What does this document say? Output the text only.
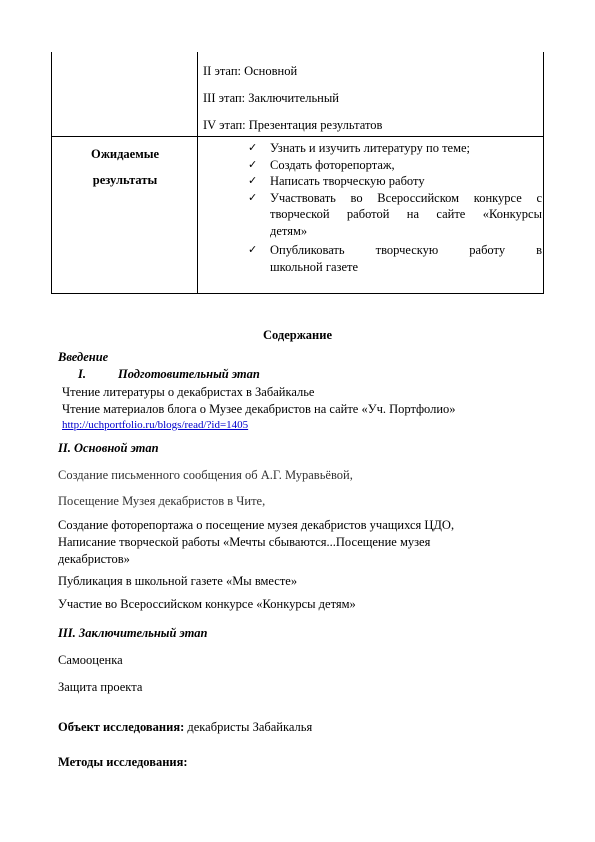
II этап: Основной
III этап: Заключительный
IV этап: Презентация результатов
Ожидаемые
результаты
✓ Узнать и изучить литературу по теме;
✓ Создать фоторепортаж,
✓ Написать творческую работу
✓ Участвовать во Всероссийском конкурсе с
творческой работой на сайте «Конкурсы
детям»
✓ Опубликовать творческую работу в
школьной газете
Содержание
Введение
I.	Подготовительный этап
Чтение литературы о декабристах в Забайкалье
Чтение материалов блога о Музее декабристов на сайте «Уч. Портфолио»
http://uchportfolio.ru/blogs/read/?id=1405
II. Основной этап
Создание письменного сообщения об А.Г. Муравьёвой,
Посещение Музея декабристов в Чите,
Создание фоторепортажа о посещение музея декабристов учащихся ЦДО,
Написание творческой работы «Мечты сбываются...Посещение музея
декабристов»
Публикация в школьной газете «Мы вместе»
Участие во Всероссийском конкурсе «Конкурсы детям»
III. Заключительный этап
Самооценка
Защита проекта
Объект исследования: декабристы Забайкалья
Методы исследования:
